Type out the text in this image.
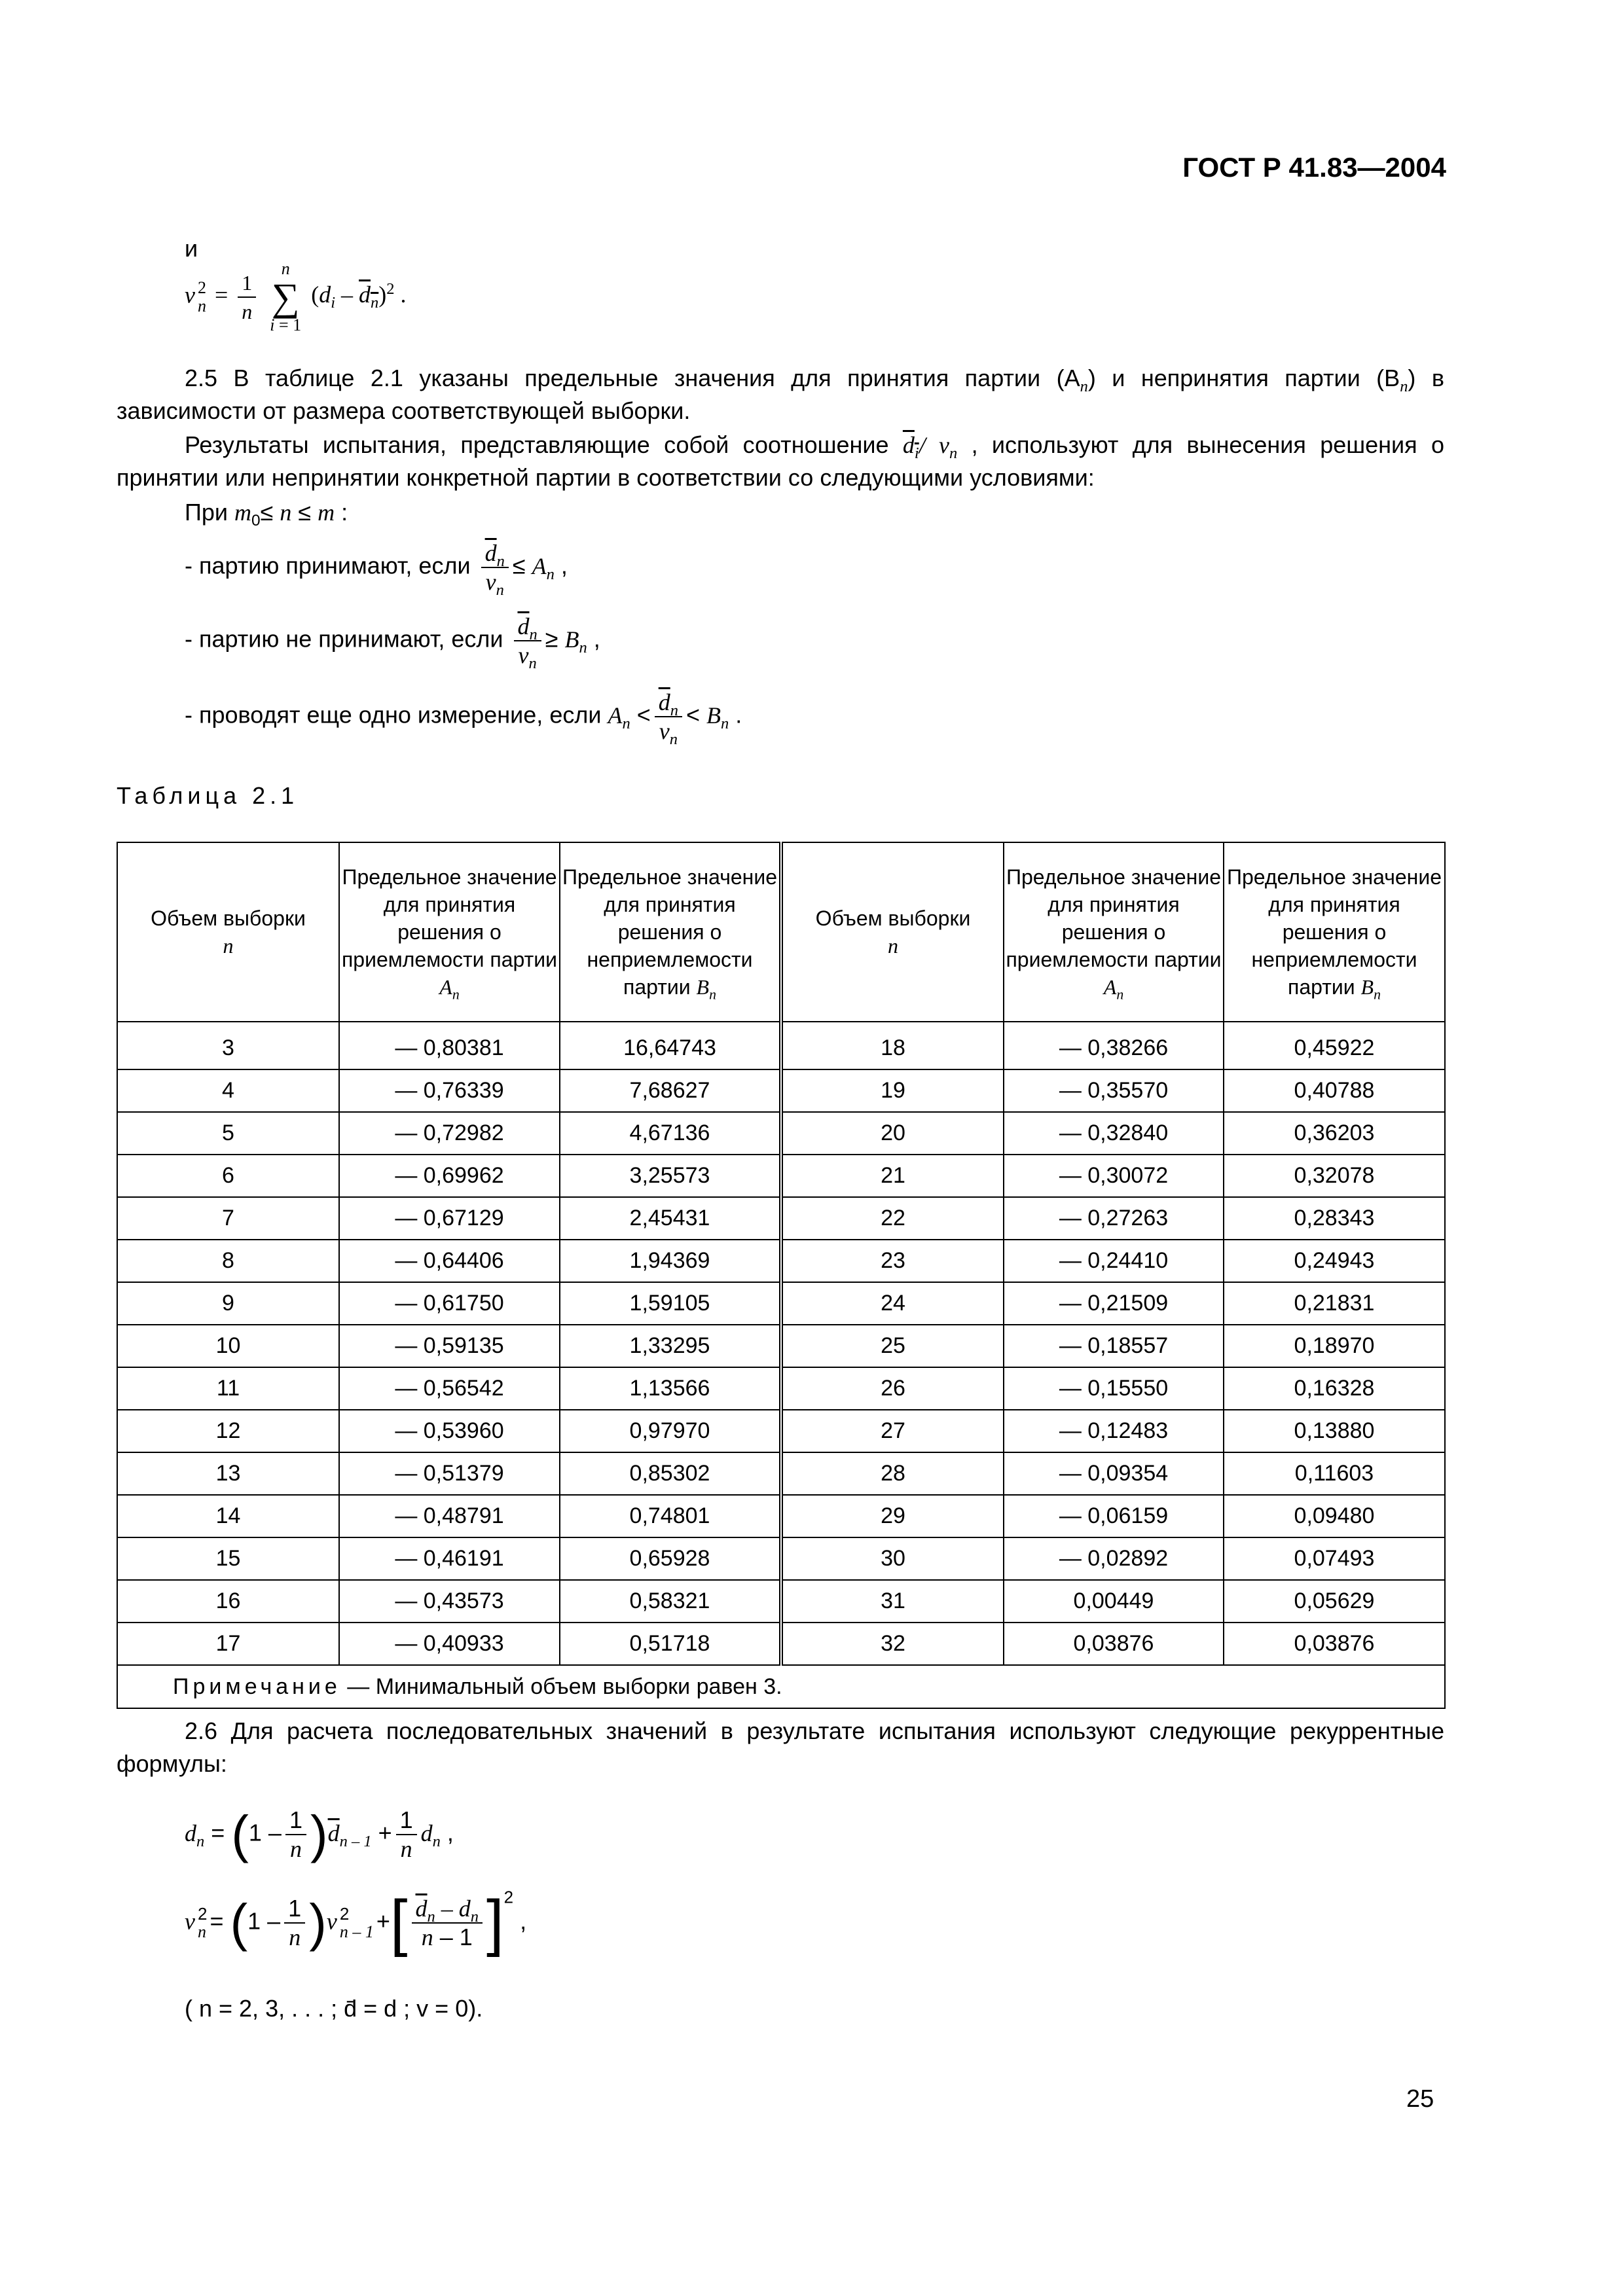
ГОСТ Р 41.83—2004
и
v 2
$n = \frac{1}{n}$

n
∑
i = 1
$(d_i - d_n)^2$ .
2.5 В таблице 2.1 указаны предельные значения для принятия партии $(A_n)$ и непринятия партии $(B_n)$ в зависимости от размера соответствующей выборки.
Результаты испытания, представляющие собой соотношение $d_i/$ $v_n$ , используют для вынесения решения о принятии или непринятии конкретной партии в соответствии со следующими условиями:
При $m_0\le n \le m$ :
- партию принимают, если $\frac{\overline{d}_n}{v_n} \le A_n$ ,
- партию не принимают, если $\frac{\overline{d}_n}{v_n} \ge B_n$ ,
- проводят еще одно измерение, если $A_n < \frac{\overline{d}_n}{v_n} < B_n$ .
Таблица 2.1
Объем выборки
n	Предельное значение для принятия решения о приемлемости партии $A_n$	Предельное значение для принятия решения о неприемлемости партии $B_n$	Объем выборки
n	Предельное значение для принятия решения о приемлемости партии $A_n$	Предельное значение для принятия решения о неприемлемости партии $B_n$
3	— 0,80381	16,64743	18	— 0,38266	0,45922
4	— 0,76339	7,68627	19	— 0,35570	0,40788
5	— 0,72982	4,67136	20	— 0,32840	0,36203
6	— 0,69962	3,25573	21	— 0,30072	0,32078
7	— 0,67129	2,45431	22	— 0,27263	0,28343
8	— 0,64406	1,94369	23	— 0,24410	0,24943
9	— 0,61750	1,59105	24	— 0,21509	0,21831
10	— 0,59135	1,33295	25	— 0,18557	0,18970
11	— 0,56542	1,13566	26	— 0,15550	0,16328
12	— 0,53960	0,97970	27	— 0,12483	0,13880
13	— 0,51379	0,85302	28	— 0,09354	0,11603
14	— 0,48791	0,74801	29	— 0,06159	0,09480
15	— 0,46191	0,65928	30	— 0,02892	0,07493
16	— 0,43573	0,58321	31	0,00449	0,05629
17	— 0,40933	0,51718	32	0,03876	0,03876
Примечание — Минимальный объем выборки равен 3.					
2.6 Для расчета последовательных значений в результате испытания используют следующие рекуррентные формулы:
$d_n = (1 - \frac{1}{n} )\overline{d}_{n - 1} + \frac{1}{n} d_n$ ,
v 2
$n = (1 - \frac{1}{n} )v$ 2
n – 1 +[ $\frac{\overline{d}_n - d_n}{n - 1} ]^2$ ,
( n = 2, 3, . . . ; d̄ = d ; v = 0).
25
